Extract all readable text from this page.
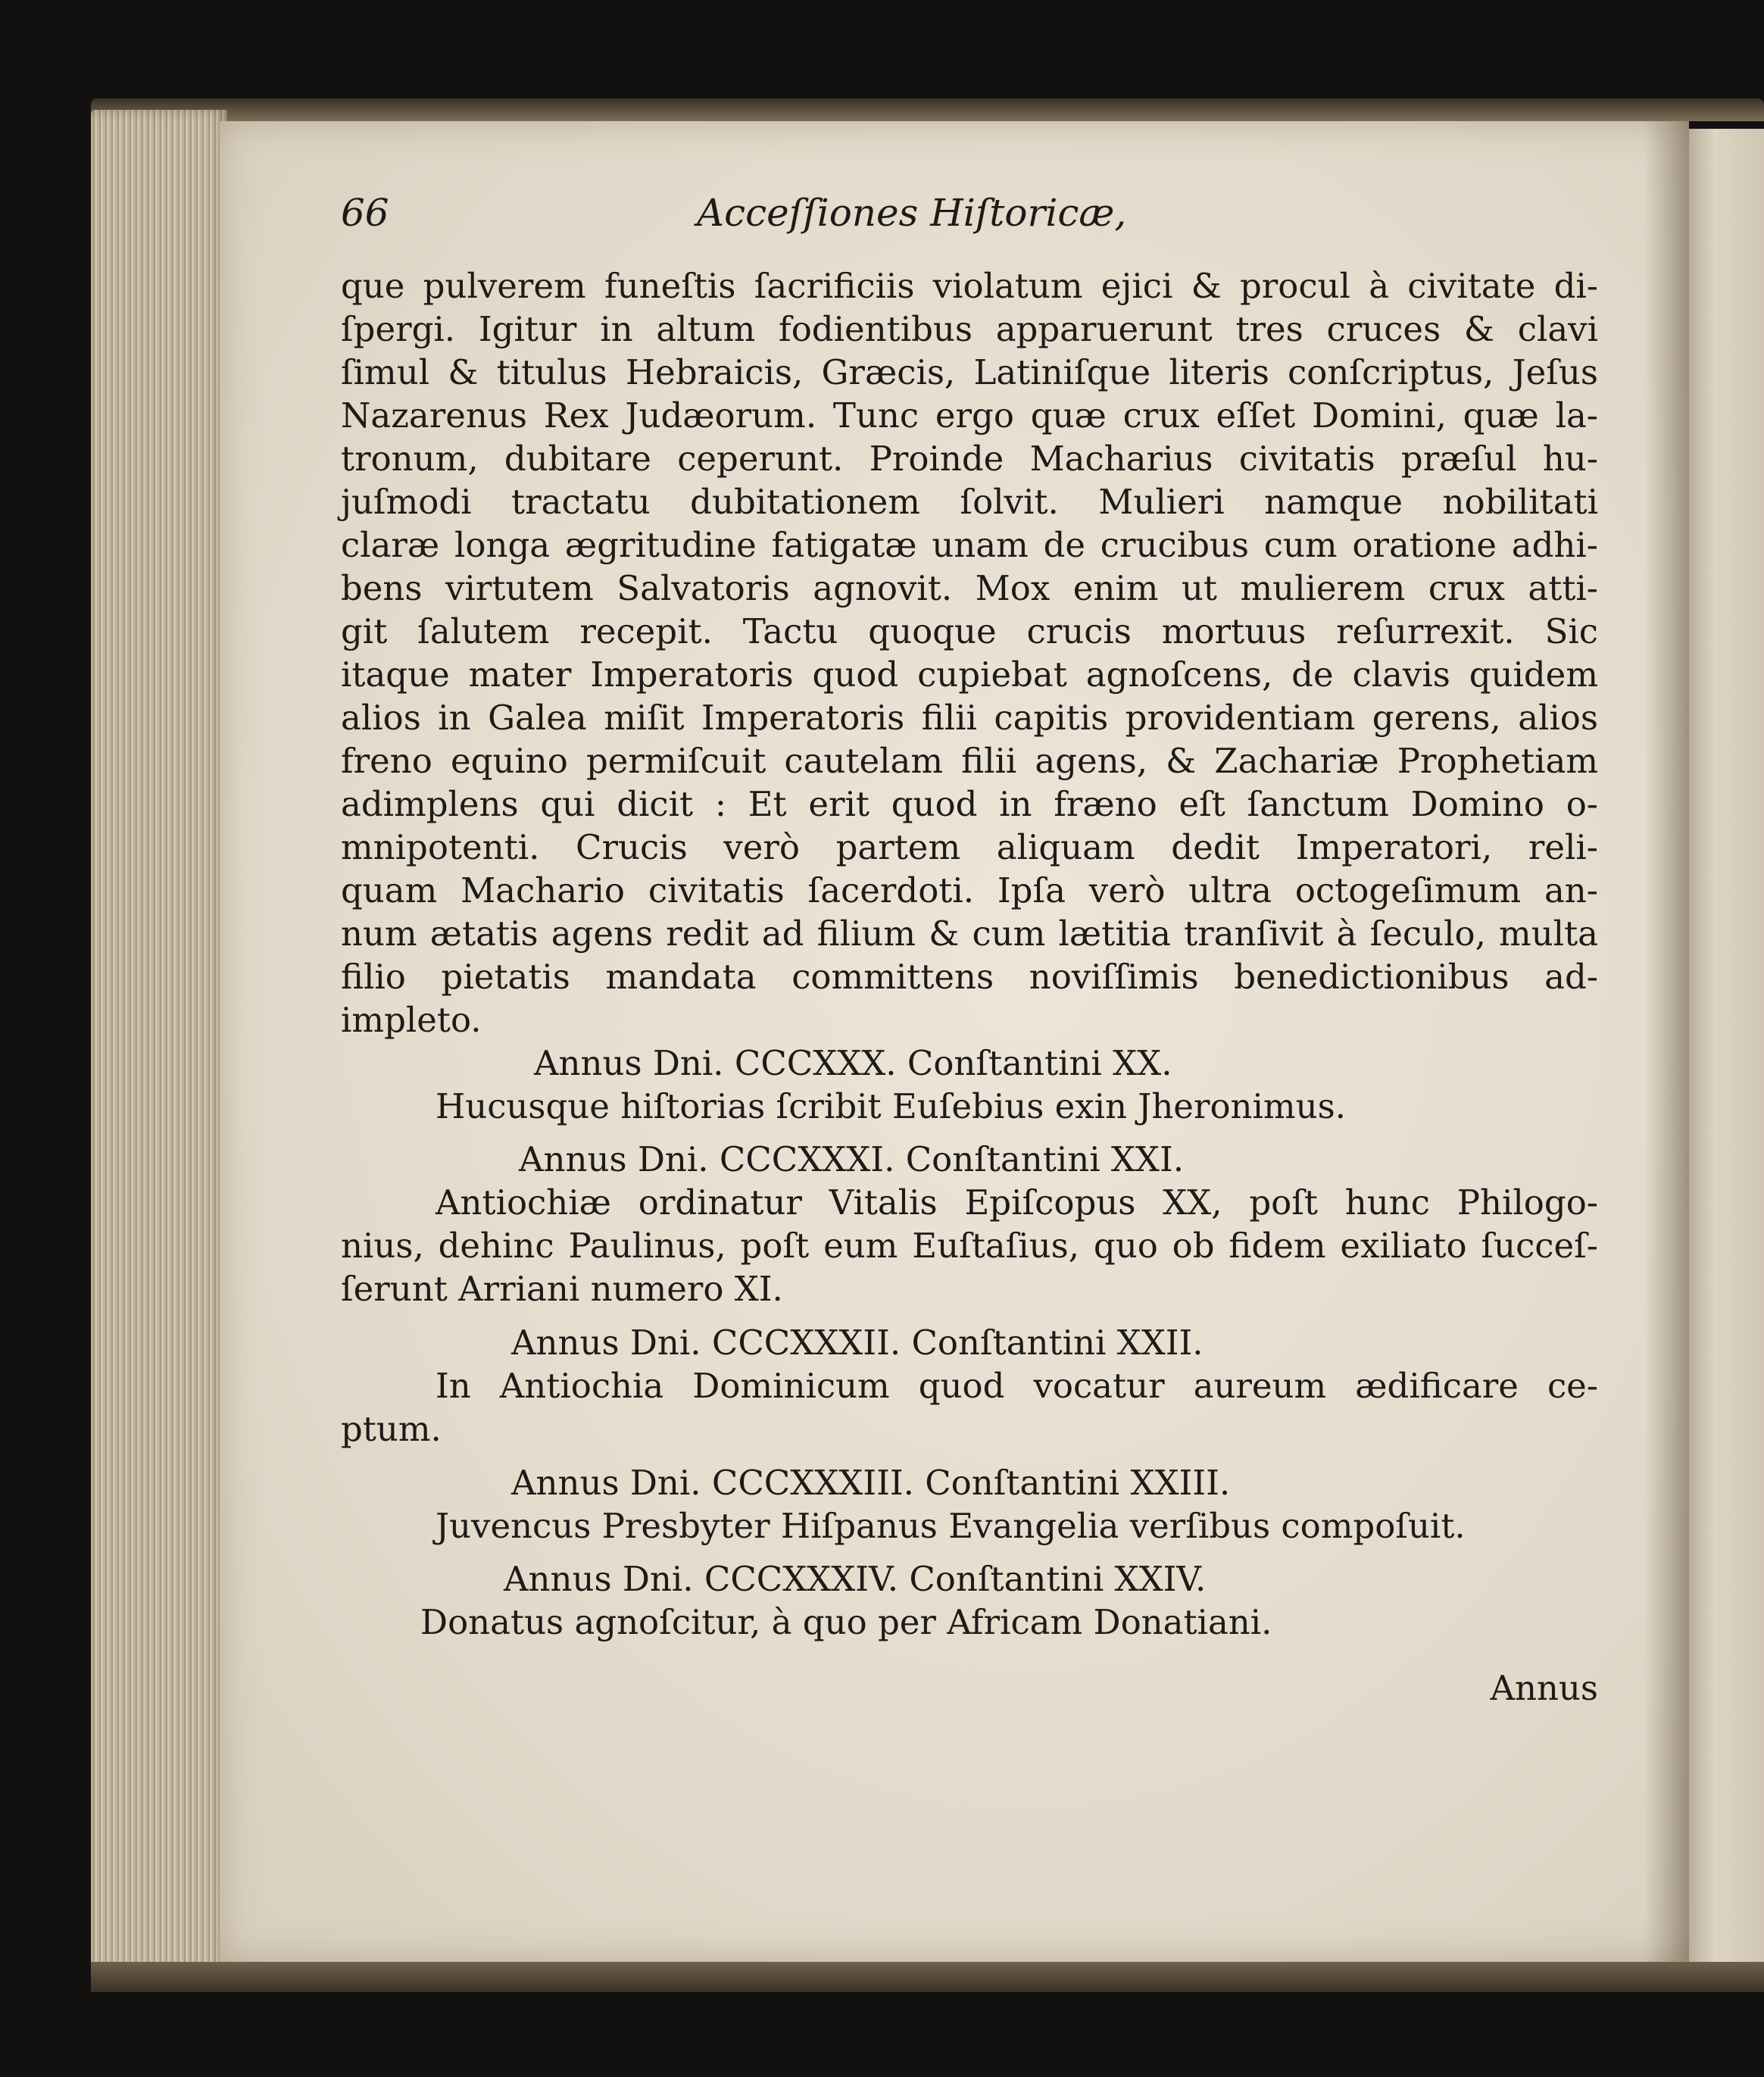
66	Acceſſiones Hiſtoricæ,
que pulverem funeſtis ſacrificiis violatum ejici & procul à civitate di-
ſpergi. Igitur in altum fodientibus apparuerunt tres cruces & clavi
ſimul & titulus Hebraicis, Græcis, Latiniſque literis conſcriptus, Jeſus
Nazarenus Rex Judæorum. Tunc ergo quæ crux eſſet Domini, quæ la-
tronum, dubitare ceperunt. Proinde Macharius civitatis præſul hu-
juſmodi tractatu dubitationem ſolvit. Mulieri namque nobilitati
claræ longa ægritudine fatigatæ unam de crucibus cum oratione adhi-
bens virtutem Salvatoris agnovit. Mox enim ut mulierem crux atti-
git ſalutem recepit. Tactu quoque crucis mortuus reſurrexit. Sic
itaque mater Imperatoris quod cupiebat agnoſcens, de clavis quidem
alios in Galea miſit Imperatoris filii capitis providentiam gerens, alios
freno equino permiſcuit cautelam filii agens, & Zachariæ Prophetiam
adimplens qui dicit : Et erit quod in fræno eſt ſanctum Domino o-
mnipotenti. Crucis verò partem aliquam dedit Imperatori, reli-
quam Machario civitatis ſacerdoti. Ipſa verò ultra octogeſimum an-
num ætatis agens redit ad filium & cum lætitia tranſivit à ſeculo, multa
filio pietatis mandata committens noviſſimis benedictionibus ad-
impleto.
Annus Dni. CCCXXX. Conſtantini XX.
Hucusque hiſtorias ſcribit Euſebius exin Jheronimus.
Annus Dni. CCCXXXI. Conſtantini XXI.
Antiochiæ ordinatur Vitalis Epiſcopus XX, poſt hunc Philogo-
nius, dehinc Paulinus, poſt eum Euſtaſius, quo ob fidem exiliato ſucceſ-
ſerunt Arriani numero XI.
Annus Dni. CCCXXXII. Conſtantini XXII.
In Antiochia Dominicum quod vocatur aureum ædificare ce-
ptum.
Annus Dni. CCCXXXIII. Conſtantini XXIII.
Juvencus Presbyter Hiſpanus Evangelia verſibus compoſuit.
Annus Dni. CCCXXXIV. Conſtantini XXIV.
Donatus agnoſcitur, à quo per Africam Donatiani.
Annus
